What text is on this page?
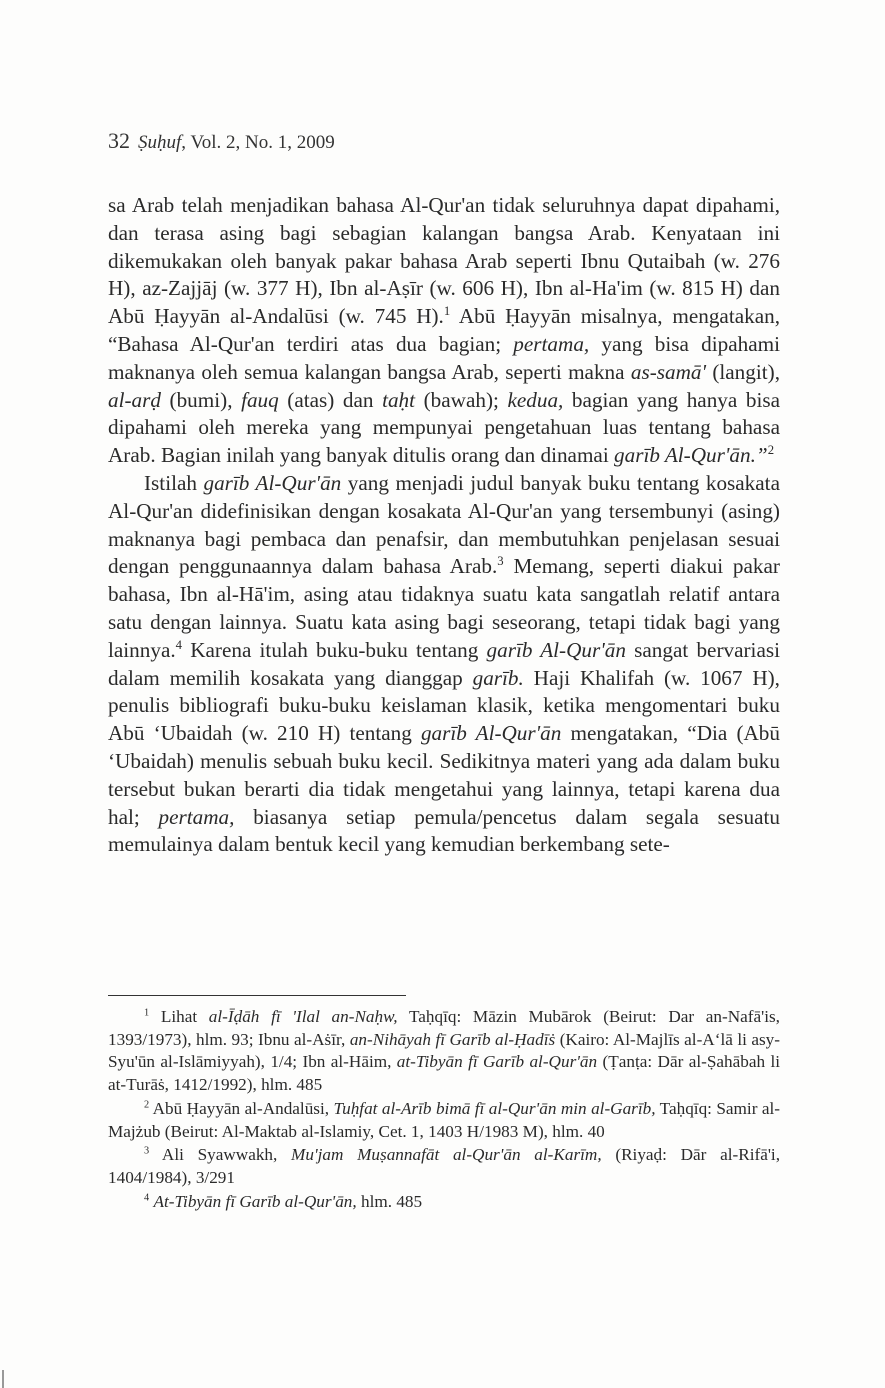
32 Ṣuḥuf, Vol. 2, No. 1, 2009

sa Arab telah menjadikan bahasa Al-Qur'an tidak seluruhnya dapat dipahami, dan terasa asing bagi sebagian kalangan bangsa Arab. Kenyataan ini dikemukakan oleh banyak pakar bahasa Arab seperti Ibnu Qutaibah (w. 276 H), az-Zajjāj (w. 377 H), Ibn al-Aṣīr (w. 606 H), Ibn al-Ha'im (w. 815 H) dan Abū Ḥayyān al-Andalūsi (w. 745 H).$^1$ Abū Ḥayyān misalnya, mengatakan, “Bahasa Al-Qur'an terdiri atas dua bagian; pertama, yang bisa dipahami maknanya oleh semua kalangan bangsa Arab, seperti makna as-samā' (langit), al-arḍ (bumi), fauq (atas) dan taḥt (bawah); kedua, bagian yang hanya bisa dipahami oleh mereka yang mempunyai pengetahuan luas tentang bahasa Arab. Bagian inilah yang banyak ditulis orang dan dinamai garīb Al-Qur'ān.”$^2$

Istilah garīb Al-Qur'ān yang menjadi judul banyak buku tentang kosakata Al-Qur'an didefinisikan dengan kosakata Al-Qur'an yang tersembunyi (asing) maknanya bagi pembaca dan penafsir, dan membutuhkan penjelasan sesuai dengan penggunaannya dalam bahasa Arab.$^3$ Memang, seperti diakui pakar bahasa, Ibn al-Hā'im, asing atau tidaknya suatu kata sangatlah relatif antara satu dengan lainnya. Suatu kata asing bagi seseorang, tetapi tidak bagi yang lainnya.$^4$ Karena itulah buku-buku tentang garīb Al-Qur'ān sangat bervariasi dalam memilih kosakata yang dianggap garīb. Haji Khalifah (w. 1067 H), penulis bibliografi buku-buku keislaman klasik, ketika mengomentari buku Abū ‘Ubaidah (w. 210 H) tentang garīb Al-Qur'ān mengatakan, “Dia (Abū ‘Ubaidah) menulis sebuah buku kecil. Sedikitnya materi yang ada dalam buku tersebut bukan berarti dia tidak mengetahui yang lainnya, tetapi karena dua hal; pertama, biasanya setiap pemula/pencetus dalam segala sesuatu memulainya dalam bentuk kecil yang kemudian berkembang sete-

$^1$ Lihat al-Īḍāh fī 'Ilal an-Naḥw, Taḥqīq: Māzin Mubārok (Beirut: Dar an-Nafā'is, 1393/1973), hlm. 93; Ibnu al-Aṡīr, an-Nihāyah fī Garīb al-Ḥadīṡ (Kairo: Al-Majlīs al-A‘lā li asy-Syu'ūn al-Islāmiyyah), 1/4; Ibn al-Hāim, at-Tibyān fī Garīb al-Qur'ān (Ṭanṭa: Dār al-Ṣahābah li at-Turāṡ, 1412/1992), hlm. 485

$^2$ Abū Ḥayyān al-Andalūsi, Tuḥfat al-Arīb bimā fī al-Qur'ān min al-Garīb, Taḥqīq: Samir al-Majżub (Beirut: Al-Maktab al-Islamiy, Cet. 1, 1403 H/1983 M), hlm. 40

$^3$ Ali Syawwakh, Mu'jam Muṣannafāt al-Qur'ān al-Karīm, (Riyaḍ: Dār al-Rifā'i, 1404/1984), 3/291

$^4$ At-Tibyān fī Garīb al-Qur'ān, hlm. 485
